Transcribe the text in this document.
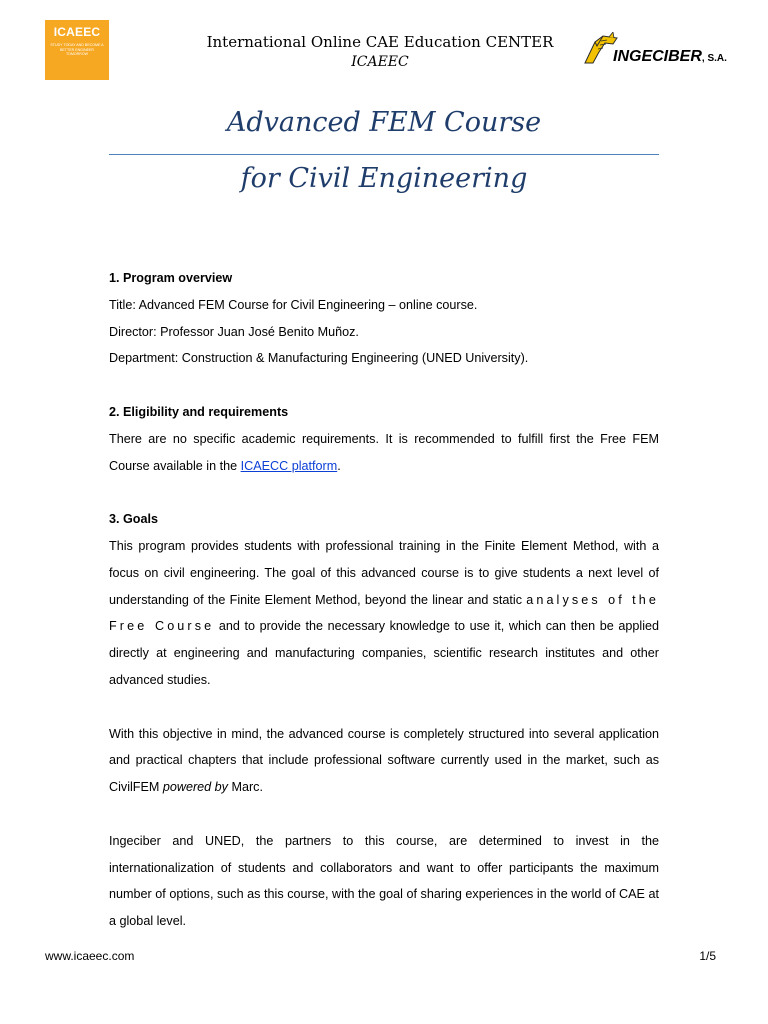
ICAEEC
STUDY TODAY AND BECOME A BETTER ENGINEER TOMORROW
International Online CAE Education CENTER
ICAEEC	INGECIBER, S.A.
Advanced FEM Course
for Civil Engineering

1. Program overview

Title: Advanced FEM Course for Civil Engineering – online course.

Director: Professor Juan José Benito Muñoz.

Department: Construction & Manufacturing Engineering (UNED University).

2. Eligibility and requirements

There are no specific academic requirements. It is recommended to fulfill first the Free FEM Course available in the ICAECC platform.

3. Goals

This program provides students with professional training in the Finite Element Method, with a focus on civil engineering. The goal of this advanced course is to give students a next level of understanding of the Finite Element Method, beyond the linear and static analyses of the Free Course and to provide the necessary knowledge to use it, which can then be applied directly at engineering and manufacturing companies, scientific research institutes and other advanced studies.

With this objective in mind, the advanced course is completely structured into several application and practical chapters that include professional software currently used in the market, such as CivilFEM powered by Marc.

Ingeciber and UNED, the partners to this course, are determined to invest in the internationalization of students and collaborators and want to offer participants the maximum number of options, such as this course, with the goal of sharing experiences in the world of CAE at a global level.

www.icaeec.com	1/5
